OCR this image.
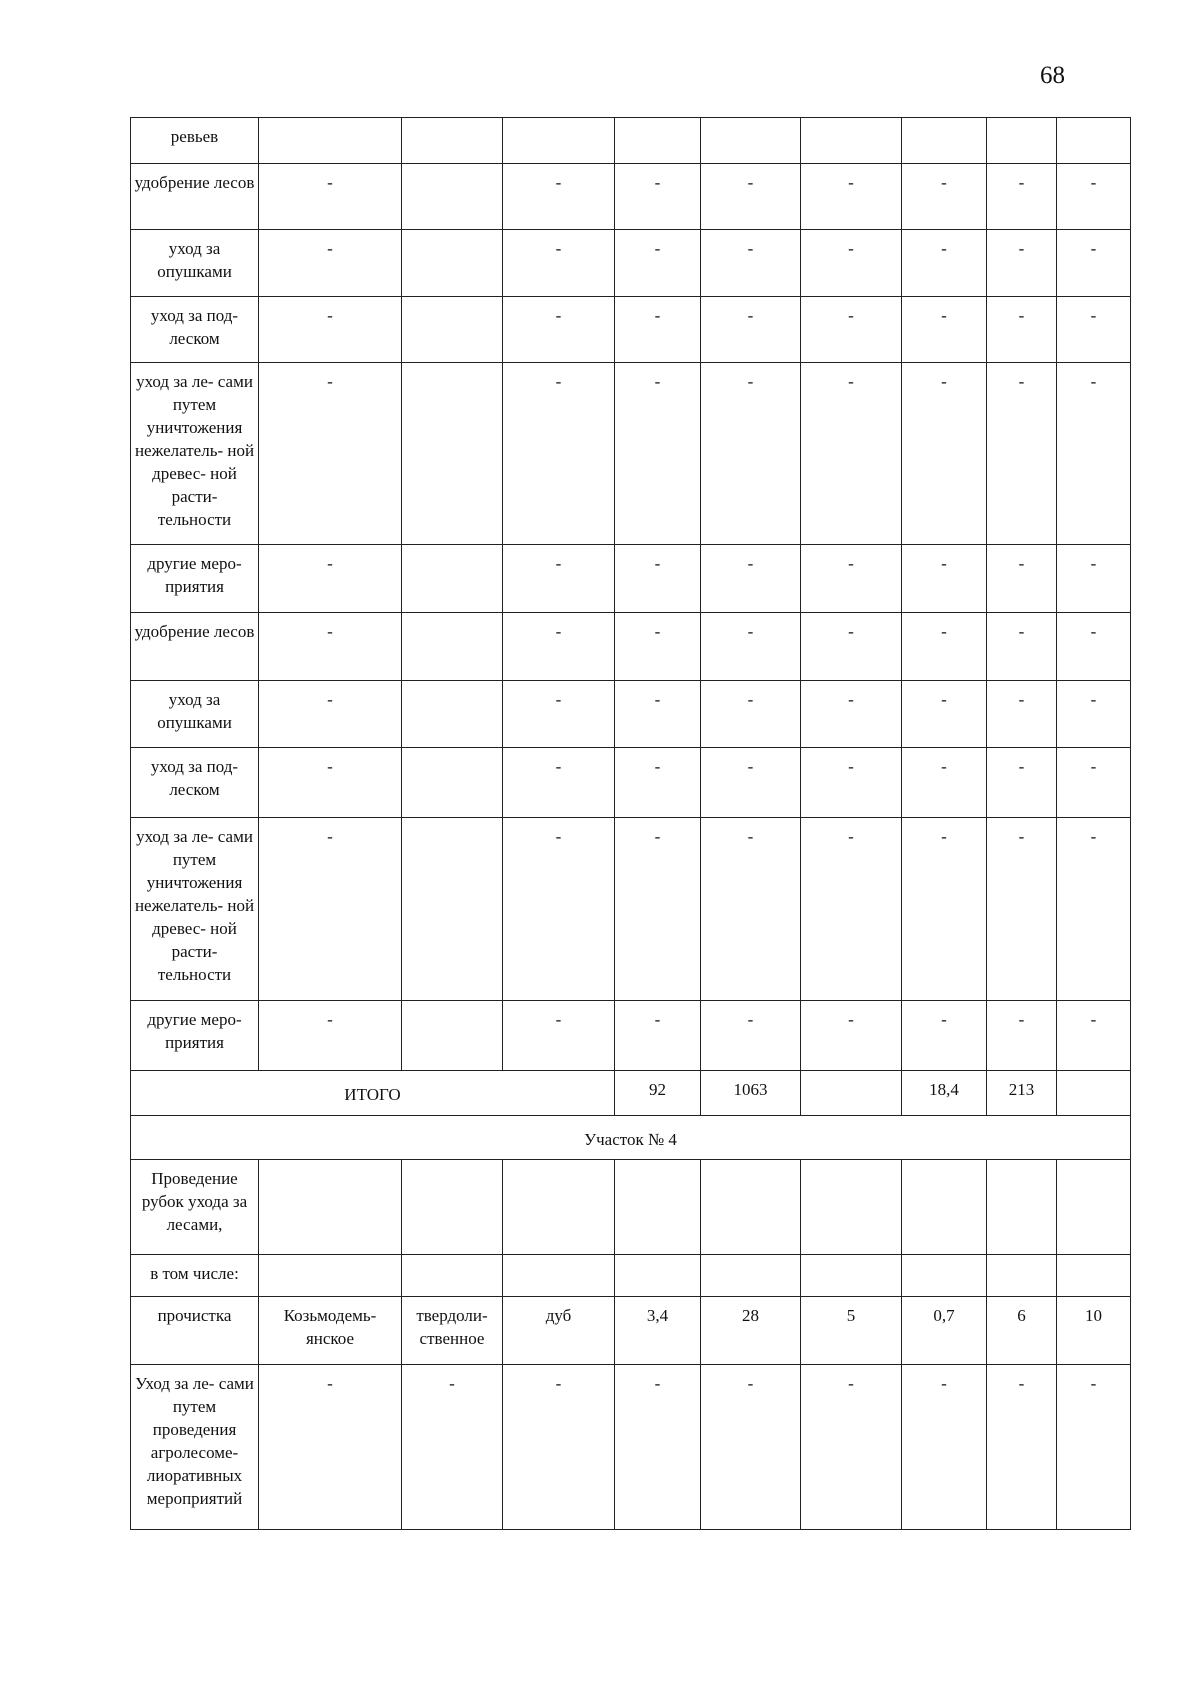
68
ревьев									
удобрение лесов	-		-	-	-	-	-	-	-
уход за опушками	-		-	-	-	-	-	-	-
уход за под- леском	-		-	-	-	-	-	-	-
уход за ле- сами путем уничтожения нежелатель- ной древес- ной расти- тельности	-		-	-	-	-	-	-	-
другие меро- приятия	-		-	-	-	-	-	-	-
удобрение лесов	-		-	-	-	-	-	-	-
уход за опушками	-		-	-	-	-	-	-	-
уход за под- леском	-		-	-	-	-	-	-	-
уход за ле- сами путем уничтожения нежелатель- ной древес- ной расти- тельности	-		-	-	-	-	-	-	-
другие меро- приятия	-		-	-	-	-	-	-	-
ИТОГО				92	1063		18,4	213	
Участок № 4									
Проведение рубок ухода за лесами,									
в том числе:									
прочистка	Козьмодемь- янское	твердоли- ственное	дуб	3,4	28	5	0,7	6	10
Уход за ле- сами путем проведения агролесоме- лиоративных мероприятий	-	-	-	-	-	-	-	-	-
